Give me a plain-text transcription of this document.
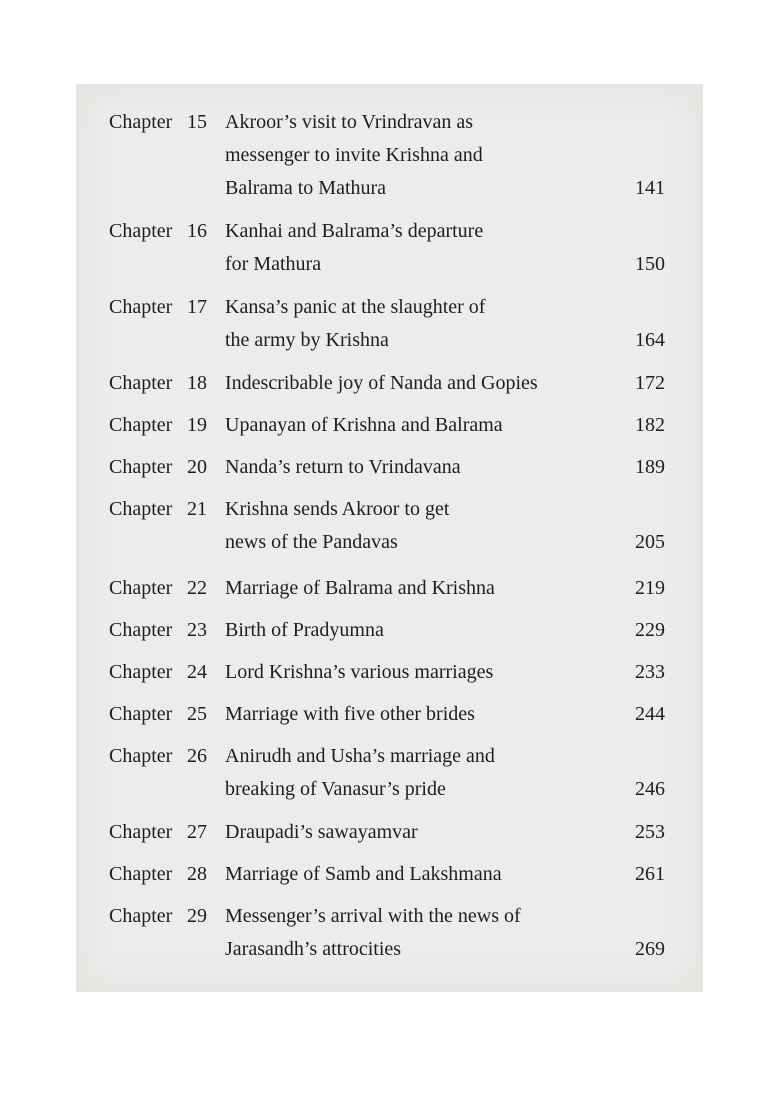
Chapter 15 Akroor’s visit to Vrindravan as
messenger to invite Krishna and
Balrama to Mathura	141
Chapter 16 Kanhai and Balrama’s departure
for Mathura	150
Chapter 17 Kansa’s panic at the slaughter of
the army by Krishna	164
Chapter 18 Indescribable joy of Nanda and Gopies	172
Chapter 19 Upanayan of Krishna and Balrama	182
Chapter 20 Nanda’s return to Vrindavana	189
Chapter 21 Krishna sends Akroor to get
news of the Pandavas	205
Chapter 22 Marriage of Balrama and Krishna	219
Chapter 23 Birth of Pradyumna	229
Chapter 24 Lord Krishna’s various marriages	233
Chapter 25 Marriage with five other brides	244
Chapter 26 Anirudh and Usha’s marriage and
breaking of Vanasur’s pride	246
Chapter 27 Draupadi’s sawayamvar	253
Chapter 28 Marriage of Samb and Lakshmana	261
Chapter 29 Messenger’s arrival with the news of
Jarasandh’s attrocities	269
